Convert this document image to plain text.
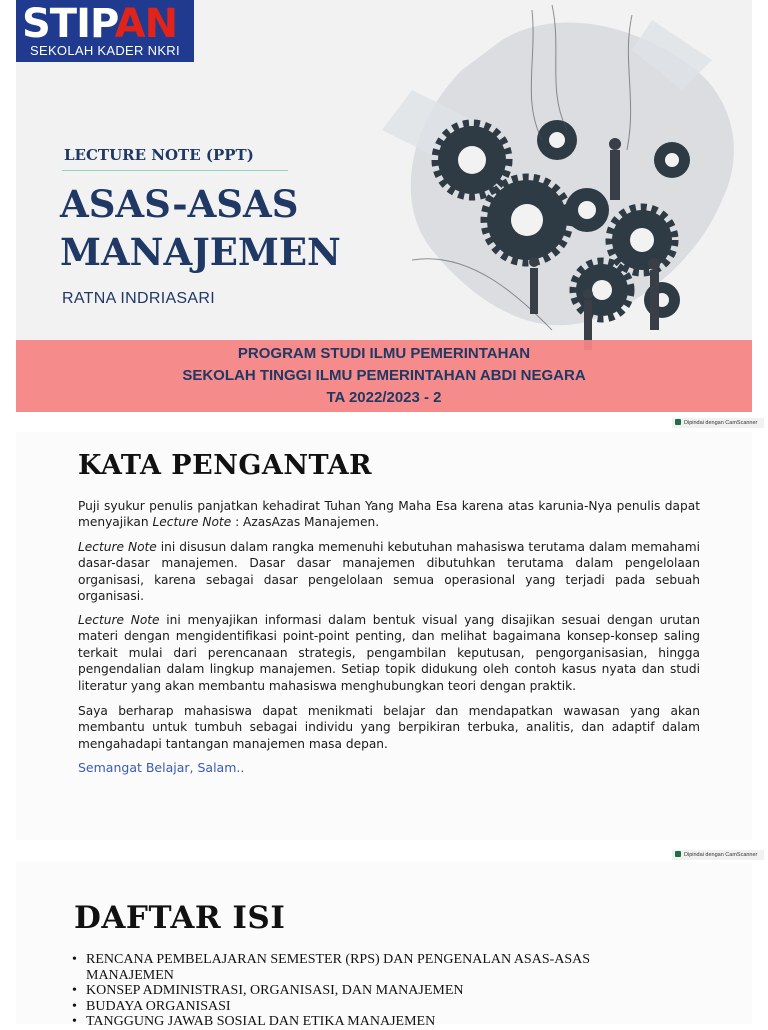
STIPAN
SEKOLAH KADER NKRI
LECTURE NOTE (PPT)
ASAS-ASAS
MANAJEMEN
RATNA INDRIASARI
PROGRAM STUDI ILMU PEMERINTAHAN
SEKOLAH TINGGI ILMU PEMERINTAHAN ABDI NEGARA
TA 2022/2023 - 2
Dipindai dengan CamScanner
KATA PENGANTAR
Puji syukur penulis panjatkan kehadirat Tuhan Yang Maha Esa karena atas karunia-Nya penulis dapat menyajikan Lecture Note : AzasAzas Manajemen.
Lecture Note ini disusun dalam rangka memenuhi kebutuhan mahasiswa terutama dalam memahami dasar-dasar manajemen. Dasar dasar manajemen dibutuhkan terutama dalam pengelolaan organisasi, karena sebagai dasar pengelolaan semua operasional yang terjadi pada sebuah organisasi.
Lecture Note ini menyajikan informasi dalam bentuk visual yang disajikan sesuai dengan urutan materi dengan mengidentifikasi point-point penting, dan melihat bagaimana konsep-konsep saling terkait mulai dari perencanaan strategis, pengambilan keputusan, pengorganisasian, hingga pengendalian dalam lingkup manajemen. Setiap topik didukung oleh contoh kasus nyata dan studi literatur yang akan membantu mahasiswa menghubungkan teori dengan praktik.
Saya berharap mahasiswa dapat menikmati belajar dan mendapatkan wawasan yang akan membantu untuk tumbuh sebagai individu yang berpikiran terbuka, analitis, dan adaptif dalam mengahadapi tantangan manajemen masa depan.
Semangat Belajar, Salam..
Dipindai dengan CamScanner
DAFTAR ISI
• RENCANA PEMBELAJARAN SEMESTER (RPS) DAN PENGENALAN ASAS-ASAS MANAJEMEN
• KONSEP ADMINISTRASI, ORGANISASI, DAN MANAJEMEN
• BUDAYA ORGANISASI
• TANGGUNG JAWAB SOSIAL DAN ETIKA MANAJEMEN
